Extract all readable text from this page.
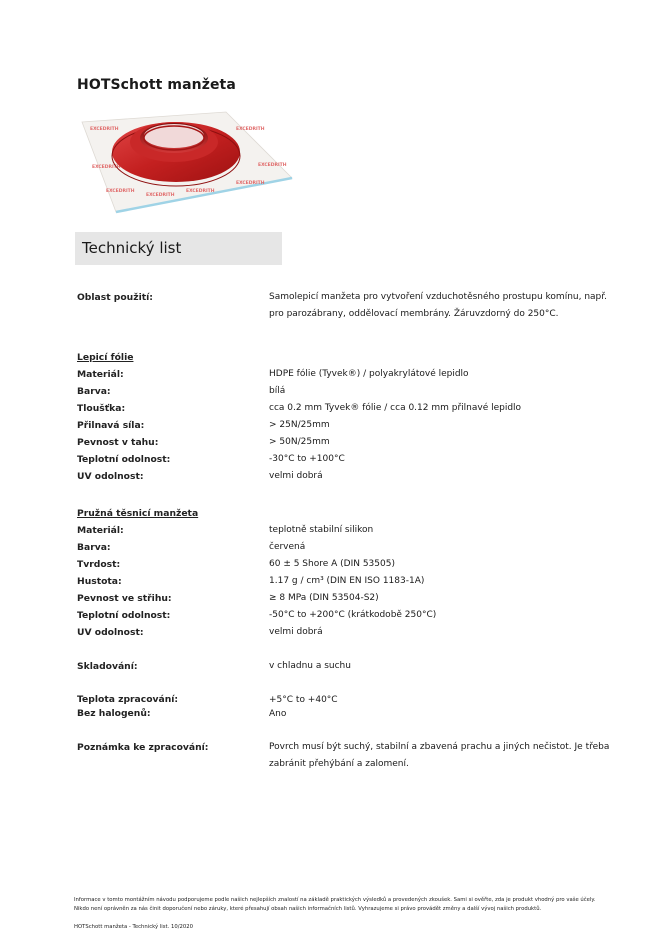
HOTSchott manžeta
EXCEDRITH	EXCEDRITH
EXCEDRITH	EXCEDRITH
EXCEDRITH
EXCEDRITH
EXCEDRITH
EXCEDRITH
Technický list
Oblast použití:	Samolepicí manžeta pro vytvoření vzduchotěsného prostupu komínu, např. pro parozábrany, oddělovací membrány. Žáruvzdorný do 250°C.
Lepicí fólie
Materiál:	HDPE fólie (Tyvek®) / polyakrylátové lepidlo
Barva:	bílá
Tloušťka:	cca 0.2 mm Tyvek® fólie / cca 0.12 mm přilnavé lepidlo
Přilnavá síla:	> 25N/25mm
Pevnost v tahu:	> 50N/25mm
Teplotní odolnost:	-30°C to +100°C
UV odolnost:	velmi dobrá
Pružná těsnicí manžeta
Materiál:	teplotně stabilní silikon
Barva:	červená
Tvrdost:	60 ± 5 Shore A (DIN 53505)
Hustota:	1.17 g / cm³ (DIN EN ISO 1183-1A)
Pevnost ve střihu:	≥ 8 MPa (DIN 53504-S2)
Teplotní odolnost:	-50°C to +200°C (krátkodobě 250°C)
UV odolnost:	velmi dobrá
Skladování:	v chladnu a suchu
Teplota zpracování:	+5°C to +40°C
Bez halogenů:	Ano
Poznámka ke zpracování:	Povrch musí být suchý, stabilní a zbavená prachu a jiných nečistot. Je třeba zabránit přehýbání a zalomení.
Informace v tomto montážním návodu podporujeme podle našich nejlepších znalostí na základě praktických výsledků a provedených zkoušek. Sami si ověřte, zda je produkt vhodný pro vaše účely.
Nikdo není oprávněn za nás činit doporučení nebo záruky, které přesahují obsah našich informačních listů. Vyhrazujeme si právo provádět změny a další vývoj našich produktů.
HOTSchott manžeta - Technický list. 10/2020
